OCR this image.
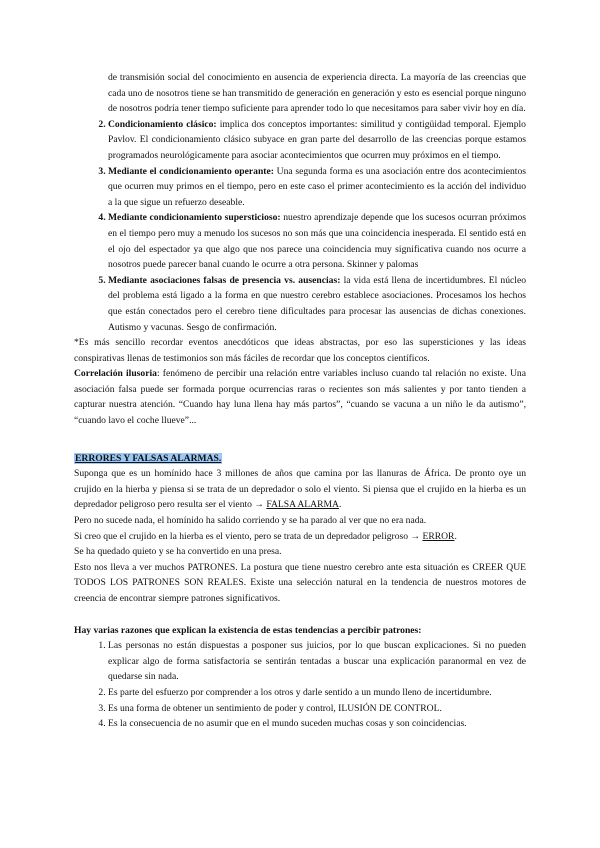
de transmisión social del conocimiento en ausencia de experiencia directa. La mayoría de las creencias que cada uno de nosotros tiene se han transmitido de generación en generación y esto es esencial porque ninguno de nosotros podría tener tiempo suficiente para aprender todo lo que necesitamos para saber vivir hoy en día.

2. Condicionamiento clásico: implica dos conceptos importantes: similitud y contigüidad temporal. Ejemplo Pavlov. El condicionamiento clásico subyace en gran parte del desarrollo de las creencias porque estamos programados neurológicamente para asociar acontecimientos que ocurren muy próximos en el tiempo.
3. Mediante el condicionamiento operante: Una segunda forma es una asociación entre dos acontecimientos que ocurren muy primos en el tiempo, pero en este caso el primer acontecimiento es la acción del individuo a la que sigue un refuerzo deseable.
4. Mediante condicionamiento supersticioso: nuestro aprendizaje depende que los sucesos ocurran próximos en el tiempo pero muy a menudo los sucesos no son más que una coincidencia inesperada. El sentido está en el ojo del espectador ya que algo que nos parece una coincidencia muy significativa cuando nos ocurre a nosotros puede parecer banal cuando le ocurre a otra persona. Skinner y palomas
5. Mediante asociaciones falsas de presencia vs. ausencias: la vida está llena de incertidumbres. El núcleo del problema está ligado a la forma en que nuestro cerebro establece asociaciones. Procesamos los hechos que están conectados pero el cerebro tiene dificultades para procesar las ausencias de dichas conexiones. Autismo y vacunas. Sesgo de confirmación.

*Es más sencillo recordar eventos anecdóticos que ideas abstractas, por eso las supersticiones y las ideas conspirativas llenas de testimonios son más fáciles de recordar que los conceptos científicos.

Correlación ilusoria: fenómeno de percibir una relación entre variables incluso cuando tal relación no existe. Una asociación falsa puede ser formada porque ocurrencias raras o recientes son más salientes y por tanto tienden a capturar nuestra atención. “Cuando hay luna llena hay más partos”, “cuando se vacuna a un niño le da autismo”, “cuando lavo el coche llueve”...

ERRORES Y FALSAS ALARMAS.

Suponga que es un homínido hace 3 millones de años que camina por las llanuras de África. De pronto oye un crujido en la hierba y piensa si se trata de un depredador o solo el viento. Si piensa que el crujido en la hierba es un depredador peligroso pero resulta ser el viento → FALSA ALARMA.

Pero no sucede nada, el homínido ha salido corriendo y se ha parado al ver que no era nada.

Si creo que el crujido en la hierba es el viento, pero se trata de un depredador peligroso → ERROR.

Se ha quedado quieto y se ha convertido en una presa.

Esto nos lleva a ver muchos PATRONES. La postura que tiene nuestro cerebro ante esta situación es CREER QUE TODOS LOS PATRONES SON REALES. Existe una selección natural en la tendencia de nuestros motores de creencia de encontrar siempre patrones significativos.

Hay varias razones que explican la existencia de estas tendencias a percibir patrones:

1. Las personas no están dispuestas a posponer sus juicios, por lo que buscan explicaciones. Si no pueden explicar algo de forma satisfactoria se sentirán tentadas a buscar una explicación paranormal en vez de quedarse sin nada.
2. Es parte del esfuerzo por comprender a los otros y darle sentido a un mundo lleno de incertidumbre.
3. Es una forma de obtener un sentimiento de poder y control, ILUSIÓN DE CONTROL.
4. Es la consecuencia de no asumir que en el mundo suceden muchas cosas y son coincidencias.
